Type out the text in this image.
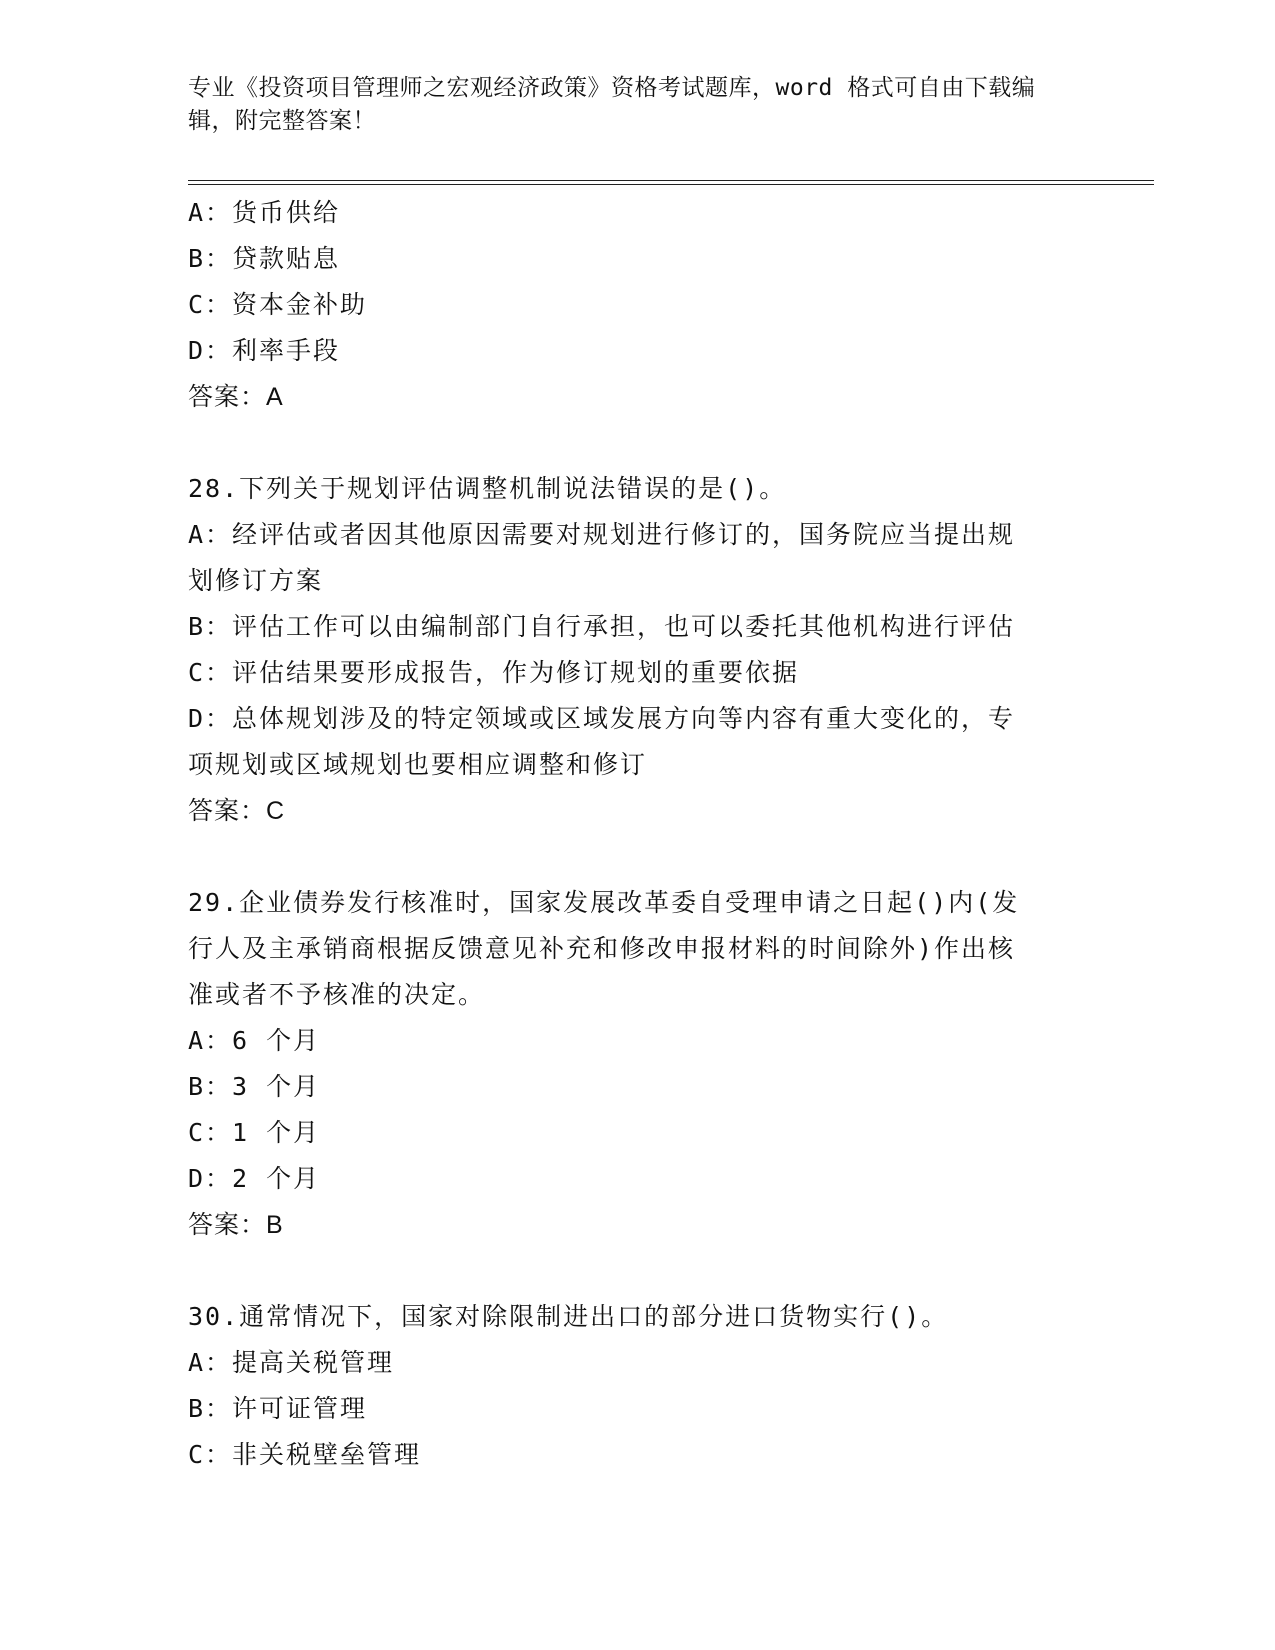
专业《投资项目管理师之宏观经济政策》资格考试题库，word 格式可自由下载编
辑，附完整答案！
A：货币供给
B：贷款贴息
C：资本金补助
D：利率手段
答案：A
28.下列关于规划评估调整机制说法错误的是()。
A：经评估或者因其他原因需要对规划进行修订的，国务院应当提出规
划修订方案
B：评估工作可以由编制部门自行承担，也可以委托其他机构进行评估
C：评估结果要形成报告，作为修订规划的重要依据
D：总体规划涉及的特定领域或区域发展方向等内容有重大变化的，专
项规划或区域规划也要相应调整和修订
答案：C
29.企业债券发行核准时，国家发展改革委自受理申请之日起()内(发
行人及主承销商根据反馈意见补充和修改申报材料的时间除外)作出核
准或者不予核准的决定。
A：6 个月
B：3 个月
C：1 个月
D：2 个月
答案：B
30.通常情况下，国家对除限制进出口的部分进口货物实行()。
A：提高关税管理
B：许可证管理
C：非关税壁垒管理
